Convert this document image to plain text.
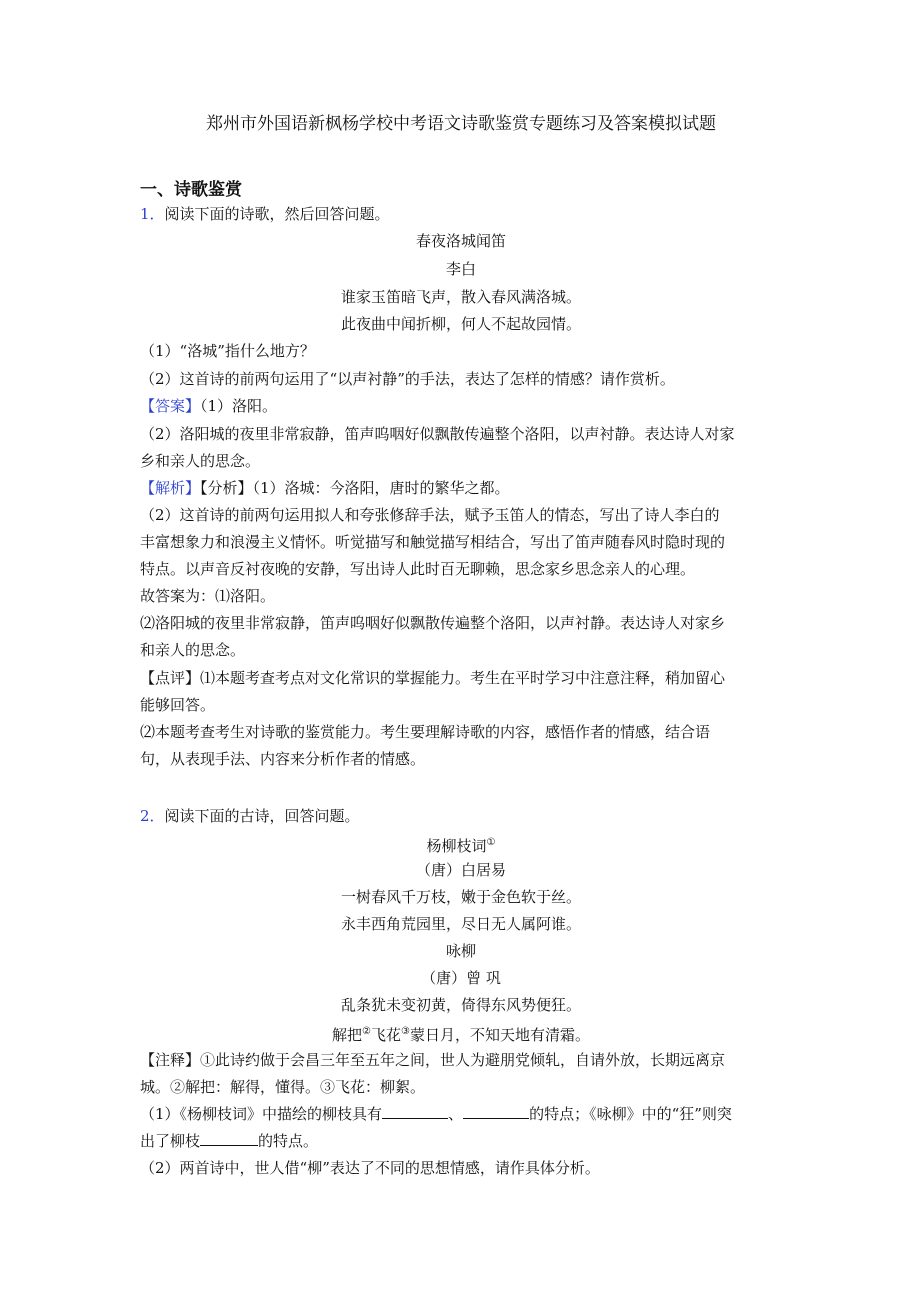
郑州市外国语新枫杨学校中考语文诗歌鉴赏专题练习及答案模拟试题
一、诗歌鉴赏
1．阅读下面的诗歌，然后回答问题。
春夜洛城闻笛
李白
谁家玉笛暗飞声，散入春风满洛城。
此夜曲中闻折柳，何人不起故园情。
（1）“洛城”指什么地方？
（2）这首诗的前两句运用了“以声衬静”的手法，表达了怎样的情感？请作赏析。
【答案】（1）洛阳。
（2）洛阳城的夜里非常寂静，笛声呜咽好似飘散传遍整个洛阳，以声衬静。表达诗人对家
乡和亲人的思念。
【解析】【分析】（1）洛城：今洛阳，唐时的繁华之都。
（2）这首诗的前两句运用拟人和夸张修辞手法，赋予玉笛人的情态，写出了诗人李白的
丰富想象力和浪漫主义情怀。听觉描写和触觉描写相结合，写出了笛声随春风时隐时现的
特点。以声音反衬夜晚的安静，写出诗人此时百无聊赖，思念家乡思念亲人的心理。
故答案为：⑴洛阳。
⑵洛阳城的夜里非常寂静，笛声呜咽好似飘散传遍整个洛阳，以声衬静。表达诗人对家乡
和亲人的思念。
【点评】⑴本题考查考点对文化常识的掌握能力。考生在平时学习中注意注释，稍加留心
能够回答。
⑵本题考查考生对诗歌的鉴赏能力。考生要理解诗歌的内容，感悟作者的情感，结合语
句，从表现手法、内容来分析作者的情感。
2．阅读下面的古诗，回答问题。
杨柳枝词①
（唐）白居易
一树春风千万枝，嫩于金色软于丝。
永丰西角荒园里，尽日无人属阿谁。
咏柳
（唐）曾 巩
乱条犹未变初黄，倚得东风势便狂。
解把②飞花③蒙日月，不知天地有清霜。
【注释】①此诗约做于会昌三年至五年之间，世人为避朋党倾轧，自请外放，长期远离京
城。②解把：解得，懂得。③飞花：柳絮。
（1）《杨柳枝词》中描绘的柳枝具有	、	的特点；《咏柳》中的“狂”则突
出了柳枝	的特点。
（2）两首诗中，世人借“柳”表达了不同的思想情感，请作具体分析。
